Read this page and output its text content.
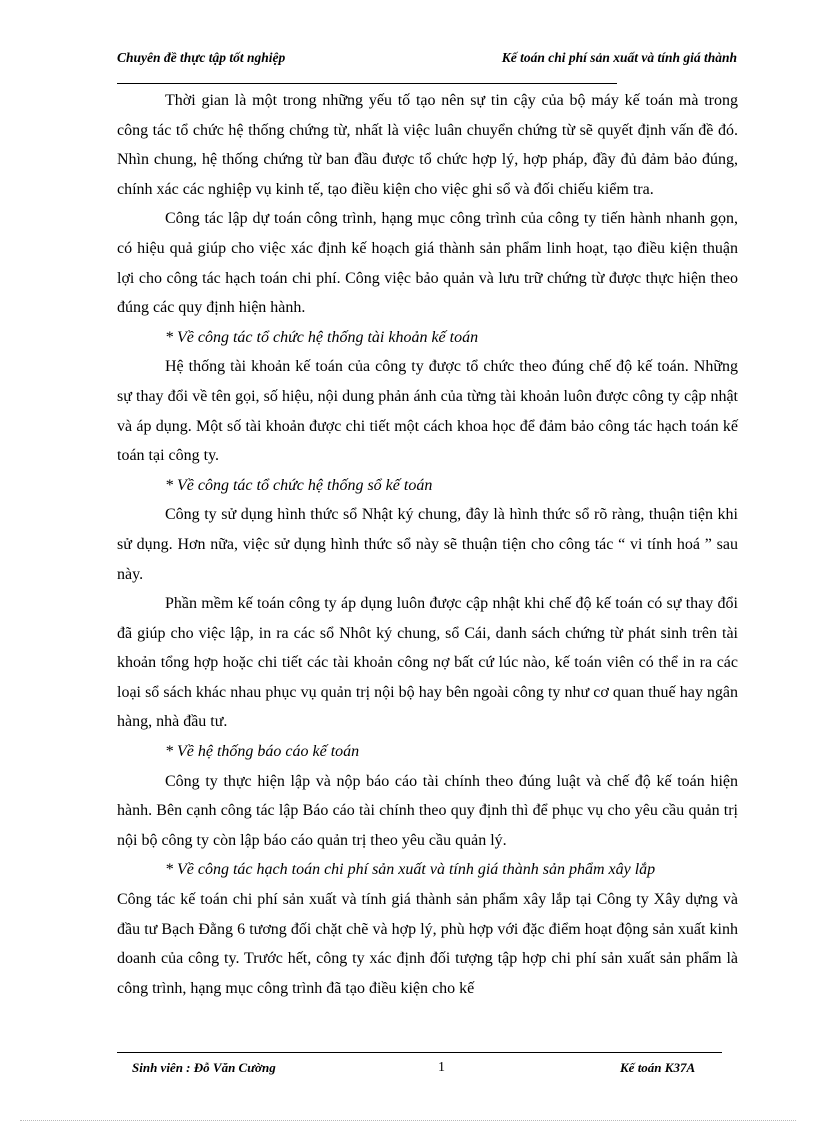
Chuyên đề thực tập tốt nghiệp	Kế toán chi phí sản xuất và tính giá thành

Thời gian là một trong những yếu tố tạo nên sự tin cậy của bộ máy kế toán mà trong công tác tổ chức hệ thống chứng từ, nhất là việc luân chuyển chứng từ sẽ quyết định vấn đề đó. Nhìn chung, hệ thống chứng từ ban đầu được tổ chức hợp lý, hợp pháp, đầy đủ đảm bảo đúng, chính xác các nghiệp vụ kinh tế, tạo điều kiện cho việc ghi sổ và đối chiếu kiểm tra.

Công tác lập dự toán công trình, hạng mục công trình của công ty tiến hành nhanh gọn, có hiệu quả giúp cho việc xác định kế hoạch giá thành sản phẩm linh hoạt, tạo điều kiện thuận lợi cho công tác hạch toán chi phí. Công việc bảo quản và lưu trữ chứng từ được thực hiện theo đúng các quy định hiện hành.

* Về công tác tổ chức hệ thống tài khoản kế toán

Hệ thống tài khoản kế toán của công ty được tổ chức theo đúng chế độ kế toán. Những sự thay đổi về tên gọi, số hiệu, nội dung phản ánh của từng tài khoản luôn được công ty cập nhật và áp dụng. Một số tài khoản được chi tiết một cách khoa học để đảm bảo công tác hạch toán kế toán tại công ty.

* Về công tác tổ chức hệ thống sổ kế toán

Công ty sử dụng hình thức sổ Nhật ký chung, đây là hình thức sổ rõ ràng, thuận tiện khi sử dụng. Hơn nữa, việc sử dụng hình thức sổ này sẽ thuận tiện cho công tác “ vi tính hoá ” sau này.

Phần mềm kế toán công ty áp dụng luôn được cập nhật khi chế độ kế toán có sự thay đổi đã giúp cho việc lập, in ra các sổ Nhôt ký chung, sổ Cái, danh sách chứng từ phát sinh trên tài khoản tổng hợp hoặc chi tiết các tài khoản công nợ bất cứ lúc nào, kế toán viên có thể in ra các loại sổ sách khác nhau phục vụ quản trị nội bộ hay bên ngoài công ty như cơ quan thuế hay ngân hàng, nhà đầu tư.

* Về hệ thống báo cáo kế toán

Công ty thực hiện lập và nộp báo cáo tài chính theo đúng luật và chế độ kế toán hiện hành. Bên cạnh công tác lập Báo cáo tài chính theo quy định thì để phục vụ cho yêu cầu quản trị nội bộ công ty còn lập báo cáo quản trị theo yêu cầu quản lý.

* Về công tác hạch toán chi phí sản xuất và tính giá thành sản phẩm xây lắp

Công tác kế toán chi phí sản xuất và tính giá thành sản phẩm xây lắp tại Công ty Xây dựng và đầu tư Bạch Đằng 6 tương đối chặt chẽ và hợp lý, phù hợp với đặc điểm hoạt động sản xuất kinh doanh của công ty. Trước hết, công ty xác định đối tượng tập hợp chi phí sản xuất sản phẩm là công trình, hạng mục công trình đã tạo điều kiện cho kế

Sinh viên : Đỗ Văn Cường	1	Kế toán K37A
